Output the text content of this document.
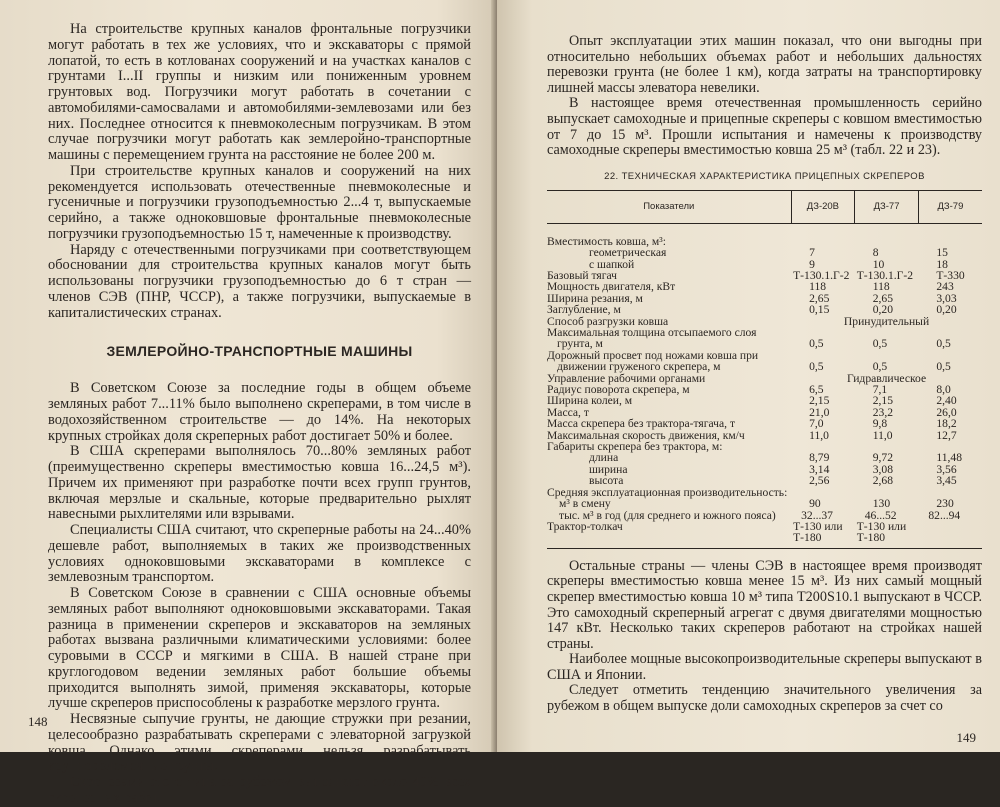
На строительстве крупных каналов фронтальные погрузчики могут работать в тех же условиях, что и экскаваторы с прямой лопатой, то есть в котлованах сооружений и на участках каналов с грунтами I...II группы и низким или пониженным уровнем грунтовых вод. Погрузчики могут работать в сочетании с автомобилями-самосвалами и автомобилями-землевозами или без них. Последнее относится к пневмоколесным погрузчикам. В этом случае погрузчики могут работать как землеройно-транспортные машины с перемещением грунта на расстояние не более 200 м.

При строительстве крупных каналов и сооружений на них рекомендуется использовать отечественные пневмоколесные и гусеничные и погрузчики грузоподъемностью 2...4 т, выпускаемые серийно, а также одноковшовые фронтальные пневмоколесные погрузчики грузоподъемностью 15 т, намеченные к производству.

Наряду с отечественными погрузчиками при соответствующем обосновании для строительства крупных каналов могут быть использованы погрузчики грузоподъемностью до 6 т стран — членов СЭВ (ПНР, ЧССР), а также погрузчики, выпускаемые в капиталистических странах.

ЗЕМЛЕРОЙНО-ТРАНСПОРТНЫЕ МАШИНЫ

В Советском Союзе за последние годы в общем объеме земляных работ 7...11% было выполнено скреперами, в том числе в водохозяйственном строительстве — до 14%. На некоторых крупных стройках доля скреперных работ достигает 50% и более.

В США скреперами выполнялось 70...80% земляных работ (преимущественно скреперы вместимостью ковша 16...24,5 м³). Причем их применяют при разработке почти всех групп грунтов, включая мерзлые и скальные, которые предварительно рыхлят навесными рыхлителями или взрывами.

Специалисты США считают, что скреперные работы на 24...40% дешевле работ, выполняемых в таких же производственных условиях одноковшовыми экскаваторами в комплексе с землевозным транспортом.

В Советском Союзе в сравнении с США основные объемы земляных работ выполняют одноковшовыми экскаваторами. Такая разница в применении скреперов и экскаваторов на земляных работах вызвана различными климатическими условиями: более суровыми в СССР и мягкими в США. В нашей стране при круглогодовом ведении земляных работ большие объемы приходится выполнять зимой, применяя экскаваторы, которые лучше скреперов приспособлены к разработке мерзлого грунта.

Несвязные сыпучие грунты, не дающие стружки при резании, целесообразно разрабатывать скреперами с элеваторной загрузкой ковша. Однако этими скреперами нельзя разрабатывать крупнообломочные грунты.

Скреперами этого типа за рубежом выполняют около 40% всех скреперных работ.

148

Опыт эксплуатации этих машин показал, что они выгодны при относительно небольших объемах работ и небольших дальностях перевозки грунта (не более 1 км), когда затраты на транспортировку лишней массы элеватора невелики.

В настоящее время отечественная промышленность серийно выпускает самоходные и прицепные скреперы с ковшом вместимостью от 7 до 15 м³. Прошли испытания и намечены к производству самоходные скреперы вместимостью ковша 25 м³ (табл. 22 и 23).

22. ТЕХНИЧЕСКАЯ ХАРАКТЕРИСТИКА ПРИЦЕПНЫХ СКРЕПЕРОВ
Показатели	ДЗ-20В	ДЗ-77	ДЗ-79
Вместимость ковша, м³:			
геометрическая	7	8	15
с шапкой	9	10	18
Базовый тягач	Т-130.1.Г-2	Т-130.1.Г-2	Т-330
Мощность двигателя, кВт	118	118	243
Ширина резания, м	2,65	2,65	3,03
Заглубление, м	0,15	0,20	0,20
Способ разгрузки ковша	Принудительный		
Максимальная толщина отсыпаемого слоя грунта, м	0,5	0,5	0,5
Дорожный просвет под ножами ковша при движении груженого скрепера, м	0,5	0,5	0,5
Управление рабочими органами	Гидравлическое		
Радиус поворота скрепера, м	6,5	7,1	8,0
Ширина колеи, м	2,15	2,15	2,40
Масса, т	21,0	23,2	26,0
Масса скрепера без трактора-тягача, т	7,0	9,8	18,2
Максимальная скорость движения, км/ч	11,0	11,0	12,7
Габариты скрепера без трактора, м:			
длина	8,79	9,72	11,48
ширина	3,14	3,08	3,56
высота	2,56	2,68	3,45
Средняя эксплуатационная производительность:			
м³ в смену	90	130	230
тыс. м³ в год (для среднего и южного пояса)	32...37	46...52	82...94
Трактор-толкач	Т-130 или Т-180	Т-130 или Т-180	

Остальные страны — члены СЭВ в настоящее время производят скреперы вместимостью ковша менее 15 м³. Из них самый мощный скрепер вместимостью ковша 10 м³ типа T200S10.1 выпускают в ЧССР. Это самоходный скреперный агрегат с двумя двигателями мощностью 147 кВт. Несколько таких скреперов работают на стройках нашей страны.

Наиболее мощные высокопроизводительные скреперы выпускают в США и Японии.

Следует отметить тенденцию значительного увеличения за рубежом в общем выпуске доли самоходных скреперов за счет со

149
